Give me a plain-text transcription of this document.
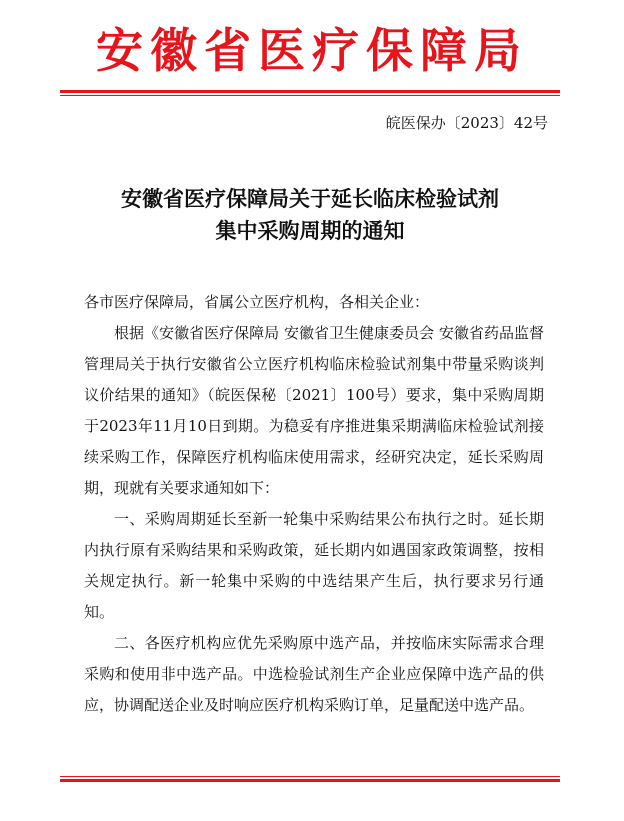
安徽省医疗保障局
皖医保办〔2023〕42号
安徽省医疗保障局关于延长临床检验试剂
集中采购周期的通知

各市医疗保障局，省属公立医疗机构，各相关企业：

根据《安徽省医疗保障局 安徽省卫生健康委员会 安徽省药品监督管理局关于执行安徽省公立医疗机构临床检验试剂集中带量采购谈判议价结果的通知》（皖医保秘〔2021〕100号）要求，集中采购周期于2023年11月10日到期。为稳妥有序推进集采期满临床检验试剂接续采购工作，保障医疗机构临床使用需求，经研究决定，延长采购周期，现就有关要求通知如下：

一、采购周期延长至新一轮集中采购结果公布执行之时。延长期内执行原有采购结果和采购政策，延长期内如遇国家政策调整，按相关规定执行。新一轮集中采购的中选结果产生后，执行要求另行通知。

二、各医疗机构应优先采购原中选产品，并按临床实际需求合理采购和使用非中选产品。中选检验试剂生产企业应保障中选产品的供应，协调配送企业及时响应医疗机构采购订单，足量配送中选产品。
